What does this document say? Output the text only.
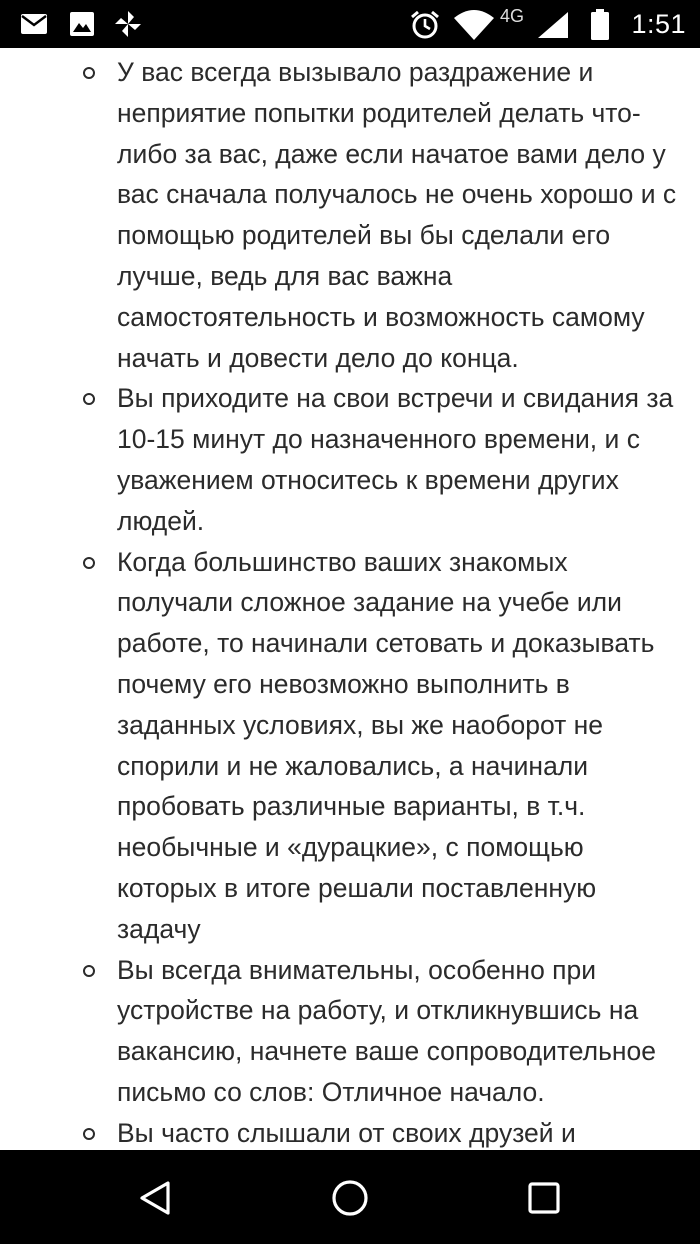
4G	1:51
У вас всегда вызывало раздражение и неприятие попытки родителей делать что-либо за вас, даже если начатое вами дело у вас сначала получалось не очень хорошо и с помощью родителей вы бы сделали его лучше, ведь для вас важна самостоятельность и возможность самому начать и довести дело до конца.
Вы приходите на свои встречи и свидания за 10-15 минут до назначенного времени, и с уважением относитесь к времени других людей.
Когда большинство ваших знакомых получали сложное задание на учебе или работе, то начинали сетовать и доказывать почему его невозможно выполнить в заданных условиях, вы же наоборот не спорили и не жаловались, а начинали пробовать различные варианты, в т.ч. необычные и «дурацкие», с помощью которых в итоге решали поставленную задачу
Вы всегда внимательны, особенно при устройстве на работу, и откликнувшись на вакансию, начнете ваше сопроводительное письмо со слов: Отличное начало.
Вы часто слышали от своих друзей и
